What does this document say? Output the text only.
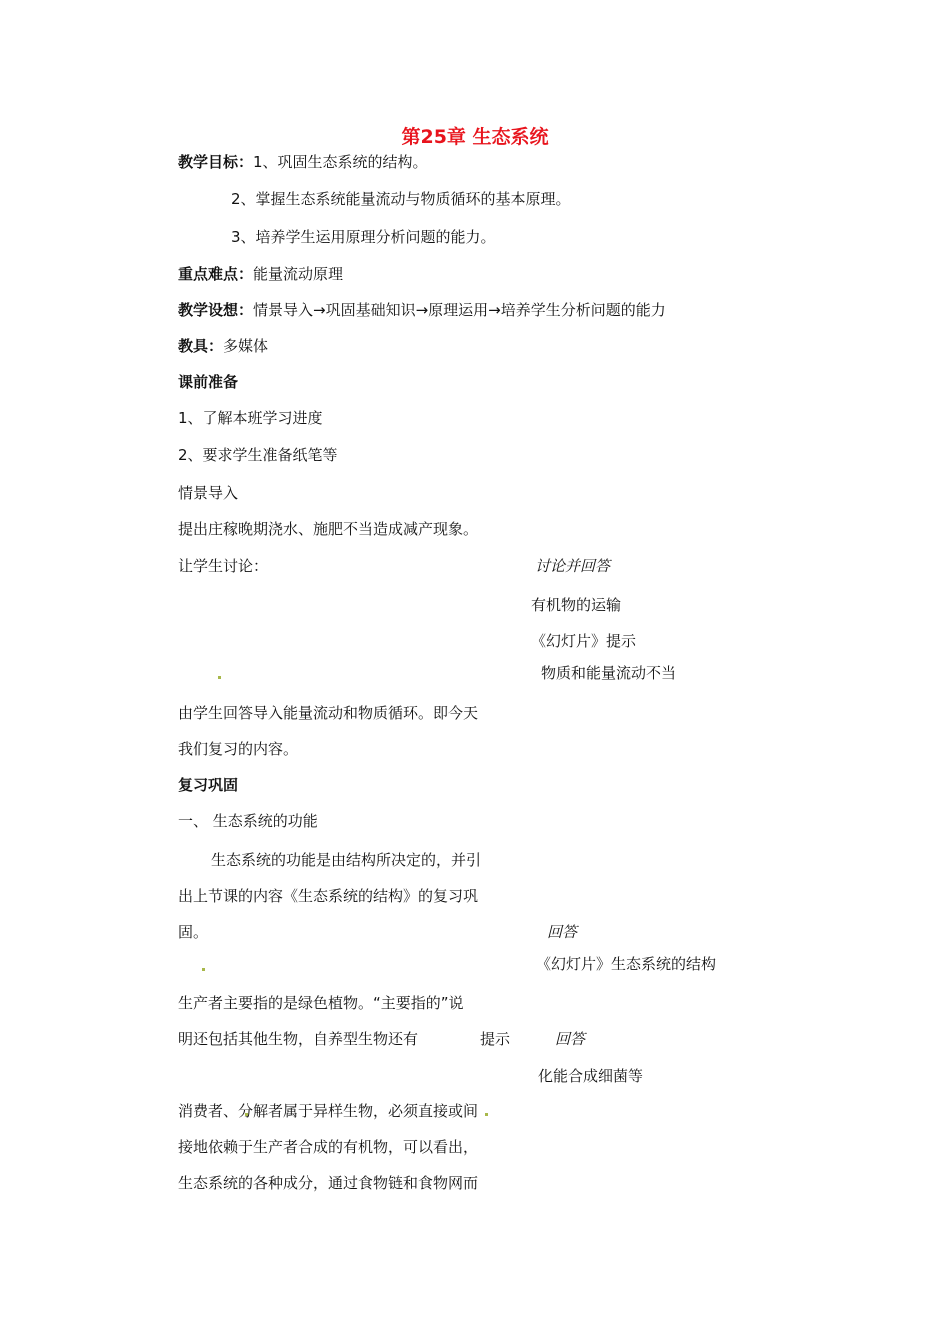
第25章 生态系统
教学目标：1、巩固生态系统的结构。
2、掌握生态系统能量流动与物质循环的基本原理。
3、培养学生运用原理分析问题的能力。
重点难点：能量流动原理
教学设想：情景导入→巩固基础知识→原理运用→培养学生分析问题的能力
教具：多媒体
课前准备
1、了解本班学习进度
2、要求学生准备纸笔等
情景导入
提出庄稼晚期浇水、施肥不当造成减产现象。
让学生讨论：	讨论并回答
有机物的运输
《幻灯片》提示
物质和能量流动不当
由学生回答导入能量流动和物质循环。即今天
我们复习的内容。
复习巩固
一、 生态系统的功能
生态系统的功能是由结构所决定的，并引
出上节课的内容《生态系统的结构》的复习巩
固。	回答
《幻灯片》生态系统的结构
生产者主要指的是绿色植物。“主要指的”说
明还包括其他生物，自养型生物还有	提示	回答
化能合成细菌等
消费者、分解者属于异样生物，必须直接或间
接地依赖于生产者合成的有机物，可以看出，
生态系统的各种成分，通过食物链和食物网而
